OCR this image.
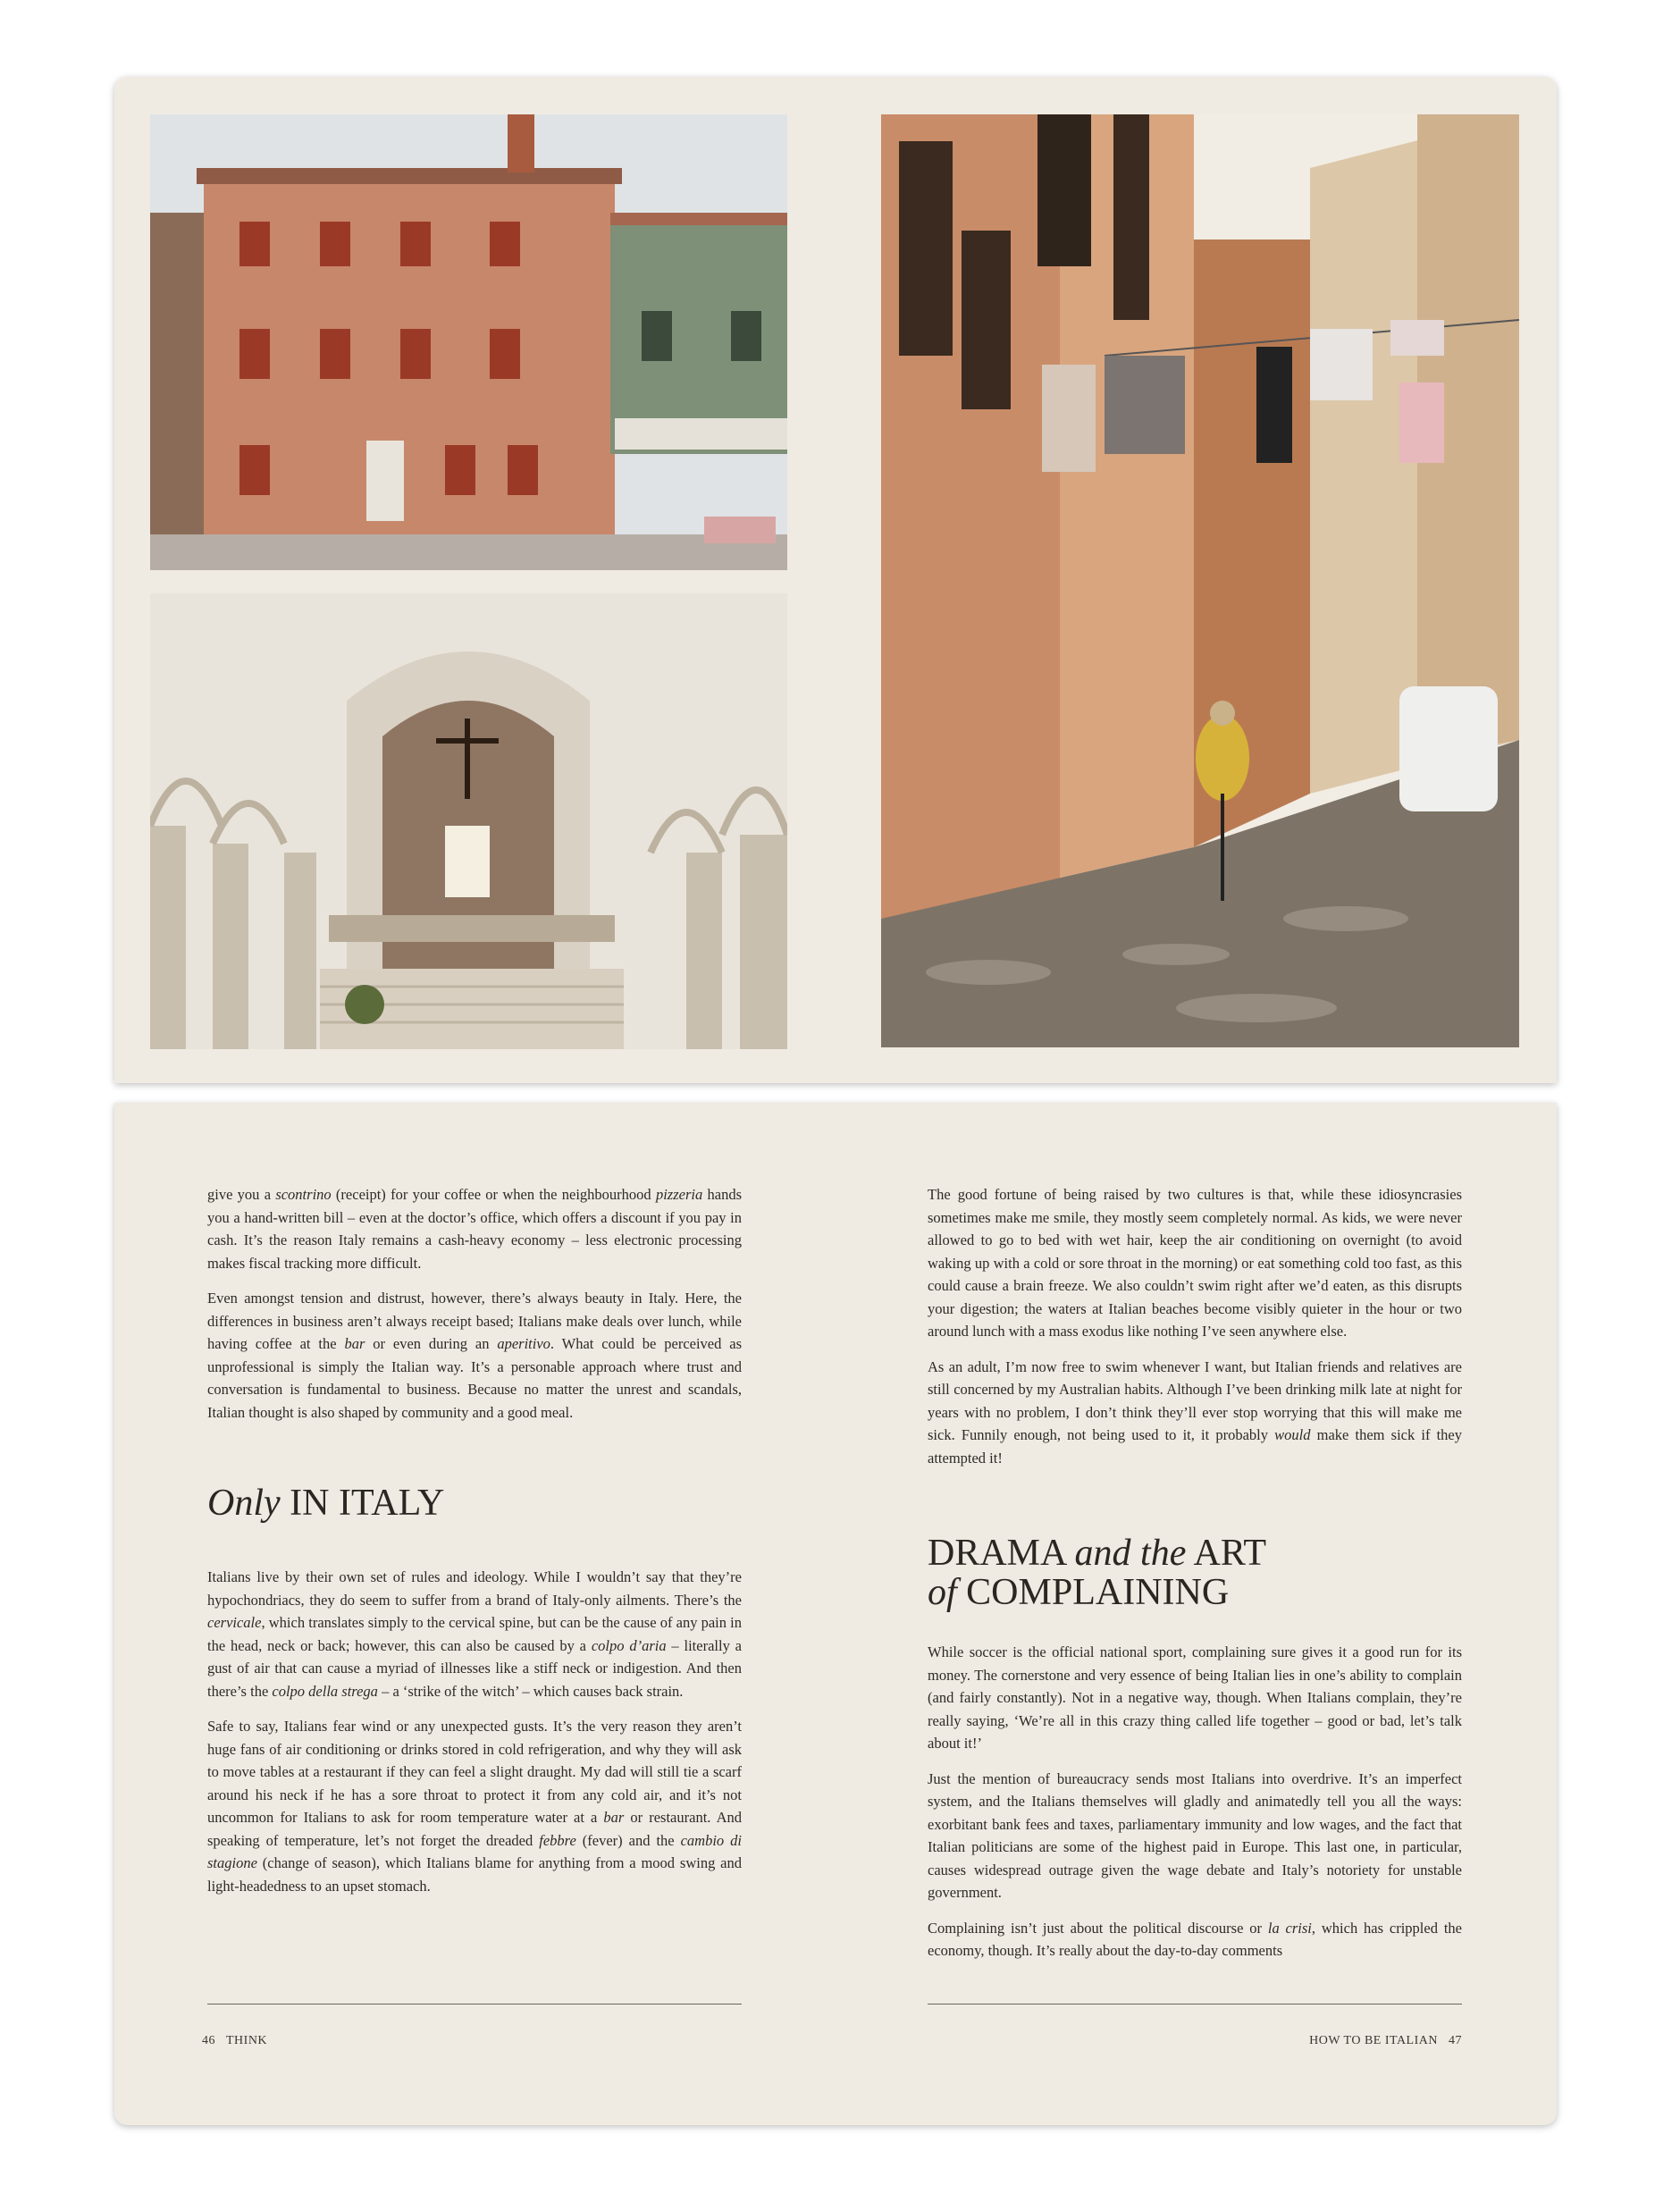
give you a scontrino (receipt) for your coffee or when the neighbourhood pizzeria hands you a hand-written bill – even at the doctor’s office, which offers a discount if you pay in cash. It’s the reason Italy remains a cash-heavy economy – less electronic processing makes fiscal tracking more difficult.

Even amongst tension and distrust, however, there’s always beauty in Italy. Here, the differences in business aren’t always receipt based; Italians make deals over lunch, while having coffee at the bar or even during an aperitivo. What could be perceived as unprofessional is simply the Italian way. It’s a personable approach where trust and conversation is fundamental to business. Because no matter the unrest and scandals, Italian thought is also shaped by community and a good meal.

Only IN ITALY

Italians live by their own set of rules and ideology. While I wouldn’t say that they’re hypochondriacs, they do seem to suffer from a brand of Italy-only ailments. There’s the cervicale, which translates simply to the cervical spine, but can be the cause of any pain in the head, neck or back; however, this can also be caused by a colpo d’aria – literally a gust of air that can cause a myriad of illnesses like a stiff neck or indigestion. And then there’s the colpo della strega – a ‘strike of the witch’ – which causes back strain.

Safe to say, Italians fear wind or any unexpected gusts. It’s the very reason they aren’t huge fans of air conditioning or drinks stored in cold refrigeration, and why they will ask to move tables at a restaurant if they can feel a slight draught. My dad will still tie a scarf around his neck if he has a sore throat to protect it from any cold air, and it’s not uncommon for Italians to ask for room temperature water at a bar or restaurant. And speaking of temperature, let’s not forget the dreaded febbre (fever) and the cambio di stagione (change of season), which Italians blame for anything from a mood swing and light-headedness to an upset stomach.

The good fortune of being raised by two cultures is that, while these idiosyncrasies sometimes make me smile, they mostly seem completely normal. As kids, we were never allowed to go to bed with wet hair, keep the air conditioning on overnight (to avoid waking up with a cold or sore throat in the morning) or eat something cold too fast, as this could cause a brain freeze. We also couldn’t swim right after we’d eaten, as this disrupts your digestion; the waters at Italian beaches become visibly quieter in the hour or two around lunch with a mass exodus like nothing I’ve seen anywhere else.

As an adult, I’m now free to swim whenever I want, but Italian friends and relatives are still concerned by my Australian habits. Although I’ve been drinking milk late at night for years with no problem, I don’t think they’ll ever stop worrying that this will make me sick. Funnily enough, not being used to it, it probably would make them sick if they attempted it!

DRAMA and the ART
of COMPLAINING

While soccer is the official national sport, complaining sure gives it a good run for its money. The cornerstone and very essence of being Italian lies in one’s ability to complain (and fairly constantly). Not in a negative way, though. When Italians complain, they’re really saying, ‘We’re all in this crazy thing called life together – good or bad, let’s talk about it!’

Just the mention of bureaucracy sends most Italians into overdrive. It’s an imperfect system, and the Italians themselves will gladly and animatedly tell you all the ways: exorbitant bank fees and taxes, parliamentary immunity and low wages, and the fact that Italian politicians are some of the highest paid in Europe. This last one, in particular, causes widespread outrage given the wage debate and Italy’s notoriety for unstable government.

Complaining isn’t just about the political discourse or la crisi, which has crippled the economy, though. It’s really about the day-to-day comments

46 THINK	HOW TO BE ITALIAN 47
